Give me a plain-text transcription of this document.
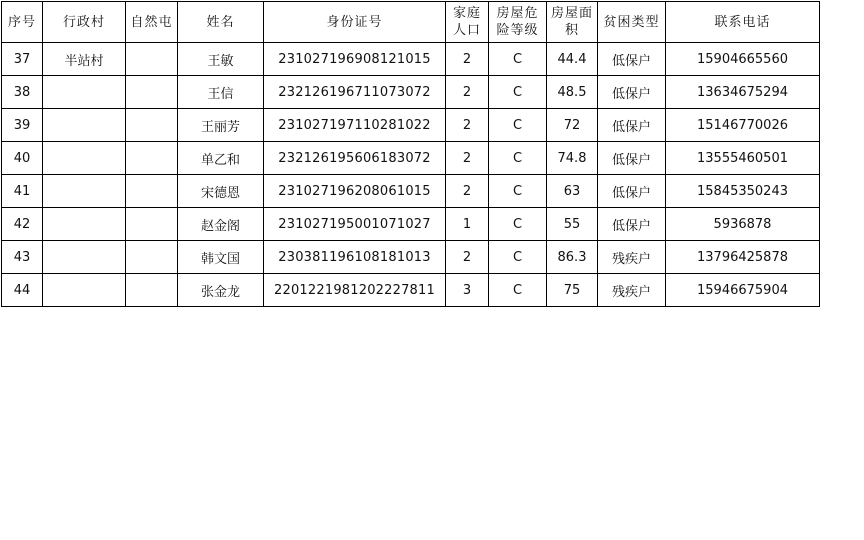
序号	行政村	自然屯	姓名	身份证号	家庭人口	房屋危险等级	房屋面积	贫困类型	联系电话
37	半站村		王敏	231027196908121015	2	C	44.4	低保户	15904665560
38			王信	232126196711073072	2	C	48.5	低保户	13634675294
39			王丽芳	231027197110281022	2	C	72	低保户	15146770026
40			单乙和	232126195606183072	2	C	74.8	低保户	13555460501
41			宋德恩	231027196208061015	2	C	63	低保户	15845350243
42			赵金阁	231027195001071027	1	C	55	低保户	5936878
43			韩文国	230381196108181013	2	C	86.3	残疾户	13796425878
44			张金龙	2201221981202227811	3	C	75	残疾户	15946675904
